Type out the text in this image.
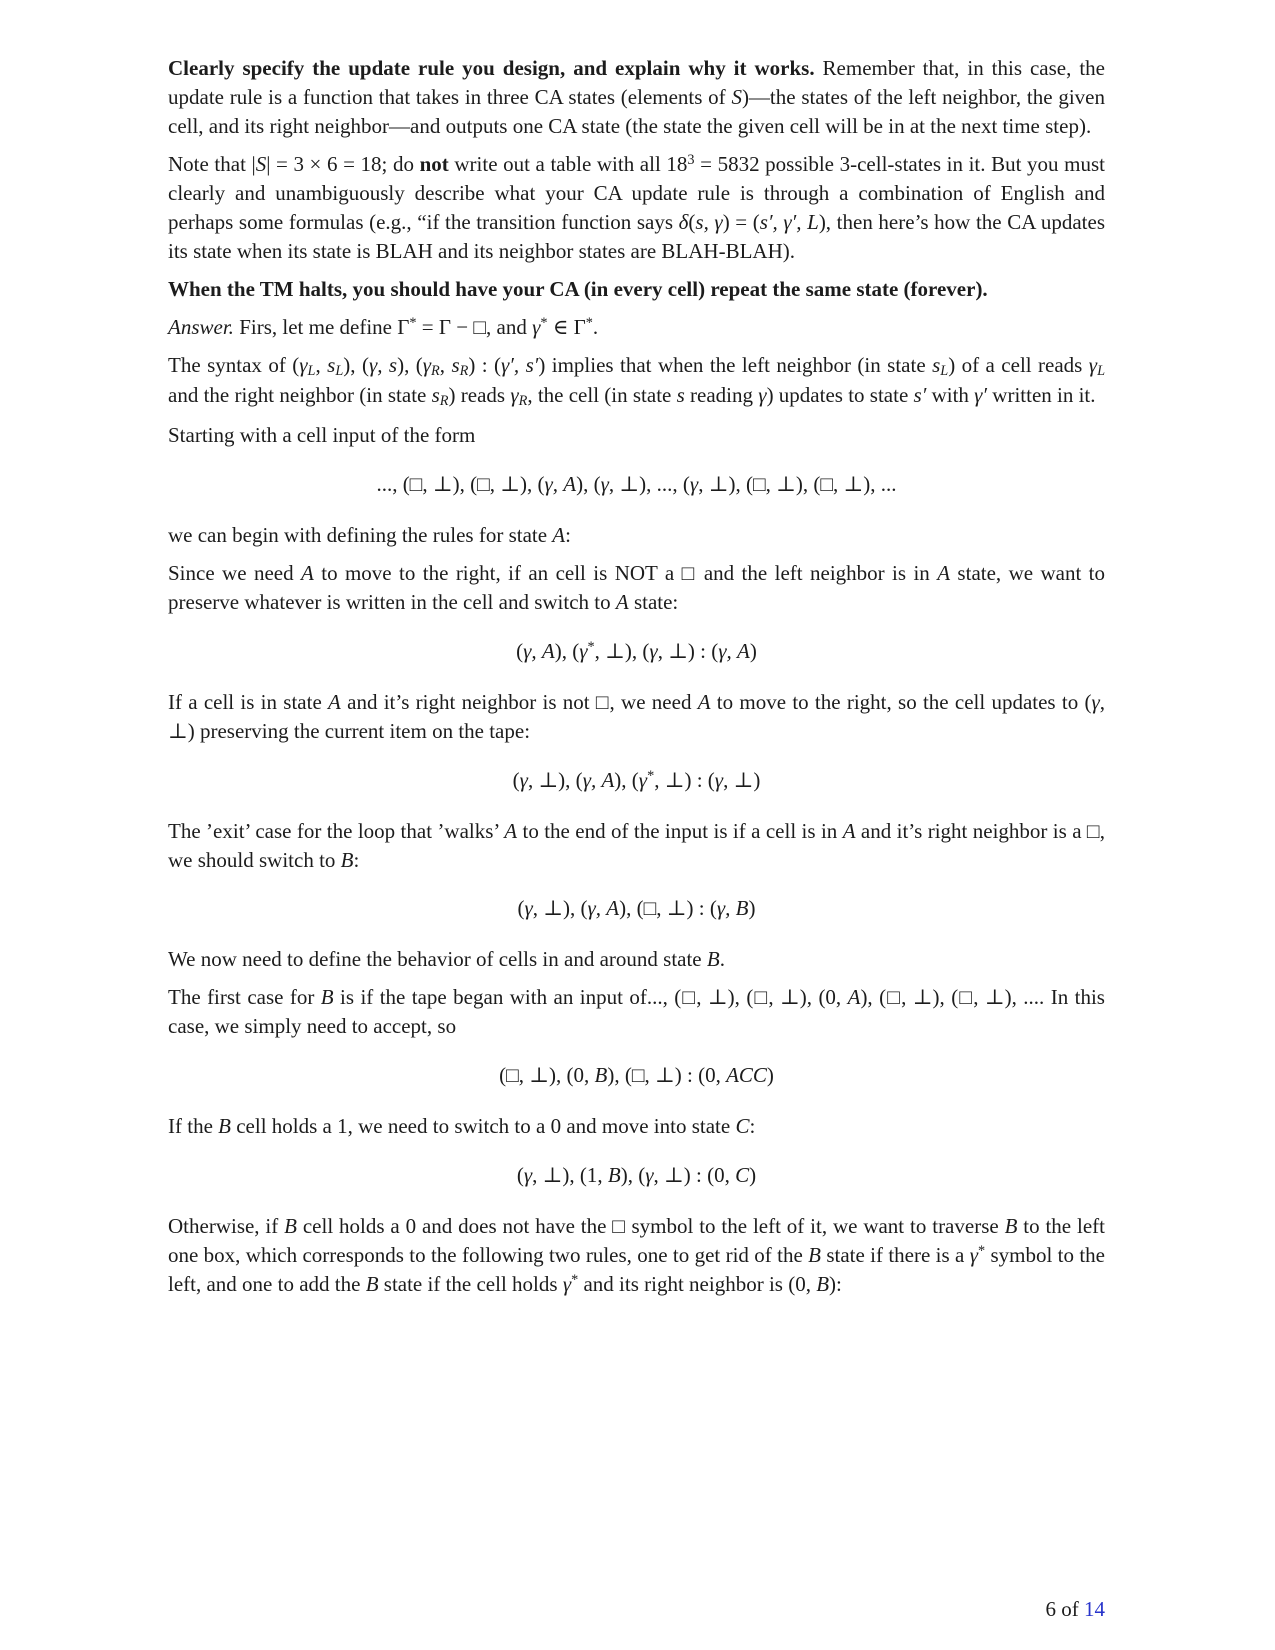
Clearly specify the update rule you design, and explain why it works. Remember that, in this case, the update rule is a function that takes in three CA states (elements of S)—the states of the left neighbor, the given cell, and its right neighbor—and outputs one CA state (the state the given cell will be in at the next time step).

Note that |S| = 3 × 6 = 18; do not write out a table with all $18^3 = 5832$ possible 3-cell-states in it. But you must clearly and unambiguously describe what your CA update rule is through a combination of English and perhaps some formulas (e.g., “if the transition function says δ(s, γ) = (s′, γ′, L), then here’s how the CA updates its state when its state is BLAH and its neighbor states are BLAH-BLAH).

When the TM halts, you should have your CA (in every cell) repeat the same state (forever).

Answer. Firs, let me define Γ* = Γ − □, and γ* ∈ Γ*.

The syntax of (γL, sL), (γ, s), (γR, sR) : (γ′, s′) implies that when the left neighbor (in state sL) of a cell reads γL and the right neighbor (in state sR) reads γR, the cell (in state s reading γ) updates to state s′ with γ′ written in it.

Starting with a cell input of the form

..., (□, ⊥), (□, ⊥), (γ, A), (γ, ⊥), ..., (γ, ⊥), (□, ⊥), (□, ⊥), ...

we can begin with defining the rules for state A:

Since we need A to move to the right, if an cell is NOT a □ and the left neighbor is in A state, we want to preserve whatever is written in the cell and switch to A state:

(γ, A), (γ*, ⊥), (γ, ⊥) : (γ, A)

If a cell is in state A and it’s right neighbor is not □, we need A to move to the right, so the cell updates to (γ, ⊥) preserving the current item on the tape:

(γ, ⊥), (γ, A), (γ*, ⊥) : (γ, ⊥)

The ’exit’ case for the loop that ’walks’ A to the end of the input is if a cell is in A and it’s right neighbor is a □, we should switch to B:

(γ, ⊥), (γ, A), (□, ⊥) : (γ, B)

We now need to define the behavior of cells in and around state B.

The first case for B is if the tape began with an input of..., (□, ⊥), (□, ⊥), (0, A), (□, ⊥), (□, ⊥), .... In this case, we simply need to accept, so

(□, ⊥), (0, B), (□, ⊥) : (0, ACC)

If the B cell holds a 1, we need to switch to a 0 and move into state C:

(γ, ⊥), (1, B), (γ, ⊥) : (0, C)

Otherwise, if B cell holds a 0 and does not have the □ symbol to the left of it, we want to traverse B to the left one box, which corresponds to the following two rules, one to get rid of the B state if there is a γ* symbol to the left, and one to add the B state if the cell holds γ* and its right neighbor is (0, B):

6 of 14
